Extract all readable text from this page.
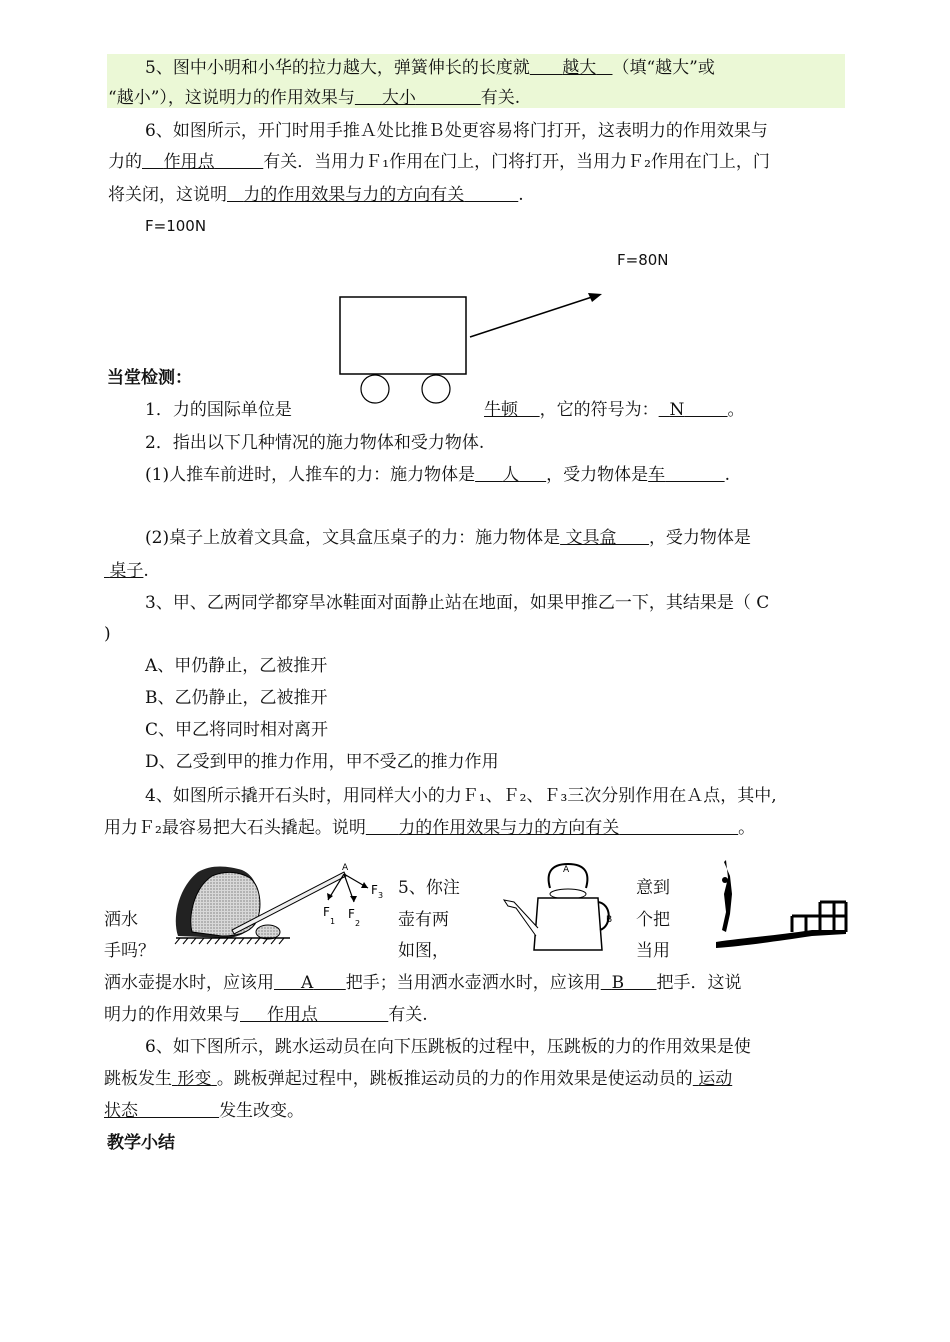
5、图中小明和小华的拉力越大，弹簧伸长的长度就 越大 （填“越大”或
“越小”），这说明力的作用效果与 大小	有关.
6、如图所示，开门时用手推Ａ处比推Ｂ处更容易将门打开，这表明力的作用效果与
力的 作用点	有关．当用力Ｆ₁作用在门上，门将打开，当用力Ｆ₂作用在门上，门
将关闭，这说明 力的作用效果与力的方向有关	.
F=100N
F=80N
当堂检测：
1．力的国际单位是	牛顿 ，它的符号为： N	。
2．指出以下几种情况的施力物体和受力物体.
(1)人推车前进时，人推车的力：施力物体是 人 ，受力物体是车	.
(2)桌子上放着文具盒，文具盒压桌子的力：施力物体是 文具盒 ，受力物体是
桌子.
3、甲、乙两同学都穿旱冰鞋面对面静止站在地面，如果甲推乙一下，其结果是（ C
)
A、甲仍静止，乙被推开
B、乙仍静止，乙被推开
C、甲乙将同时相对离开
D、乙受到甲的推力作用，甲不受乙的推力作用
4、如图所示撬开石头时，用同样大小的力Ｆ₁、Ｆ₂、Ｆ₃三次分别作用在Ａ点，其中,
用力Ｆ₂最容易把大石头撬起。说明 力的作用效果与力的方向有关	。
A
F
1
F
2
F 3 5、你注	意到
洒水	壶有两	个把
手吗？	如图，	当用
A
B
洒水壶提水时，应该用 A 把手；当用洒水壶洒水时，应该用 B 把手．这说
明力的作用效果与 作用点	有关.
6、如下图所示，跳水运动员在向下压跳板的过程中，压跳板的力的作用效果是使
跳板发生 形变 。跳板弹起过程中，跳板推运动员的力的作用效果是使运动员的 运动
状态	发生改变。
教学小结
